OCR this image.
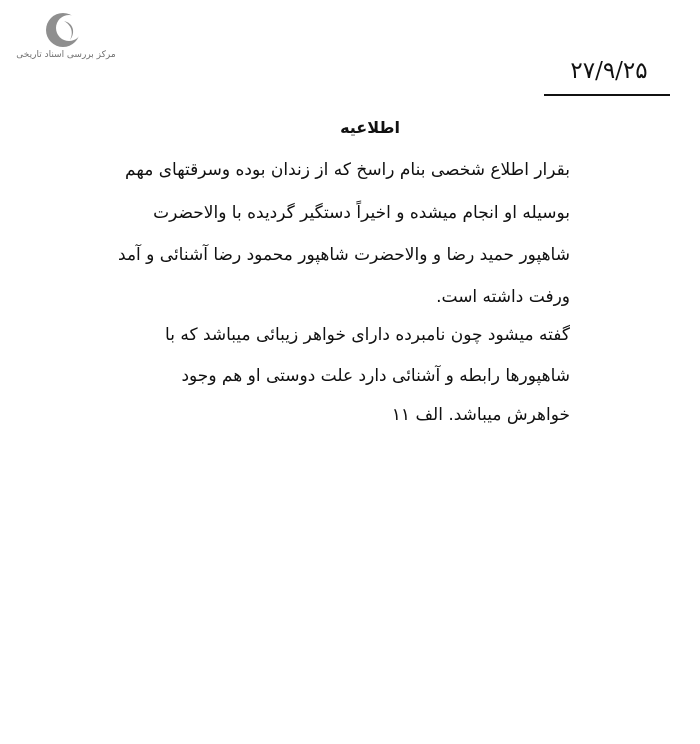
مرکز بررسی اسناد تاریخی
۲۷/۹/۲۵
اطلاعیه
بقرار اطلاع شخصی بنام راسخ که از زندان بوده وسرقتهای مهم
بوسیله او انجام میشده و اخیراً دستگیر گردیده با والاحضرت
شاهپور حمید رضا و والاحضرت شاهپور محمود رضا آشنائی و آمد
ورفت داشته است.
گفته میشود چون نامبرده دارای خواهر زیبائی میباشد که با
شاهپورها رابطه و آشنائی دارد علت دوستی او هم وجود
خواهرش میباشد. الف ۱۱
